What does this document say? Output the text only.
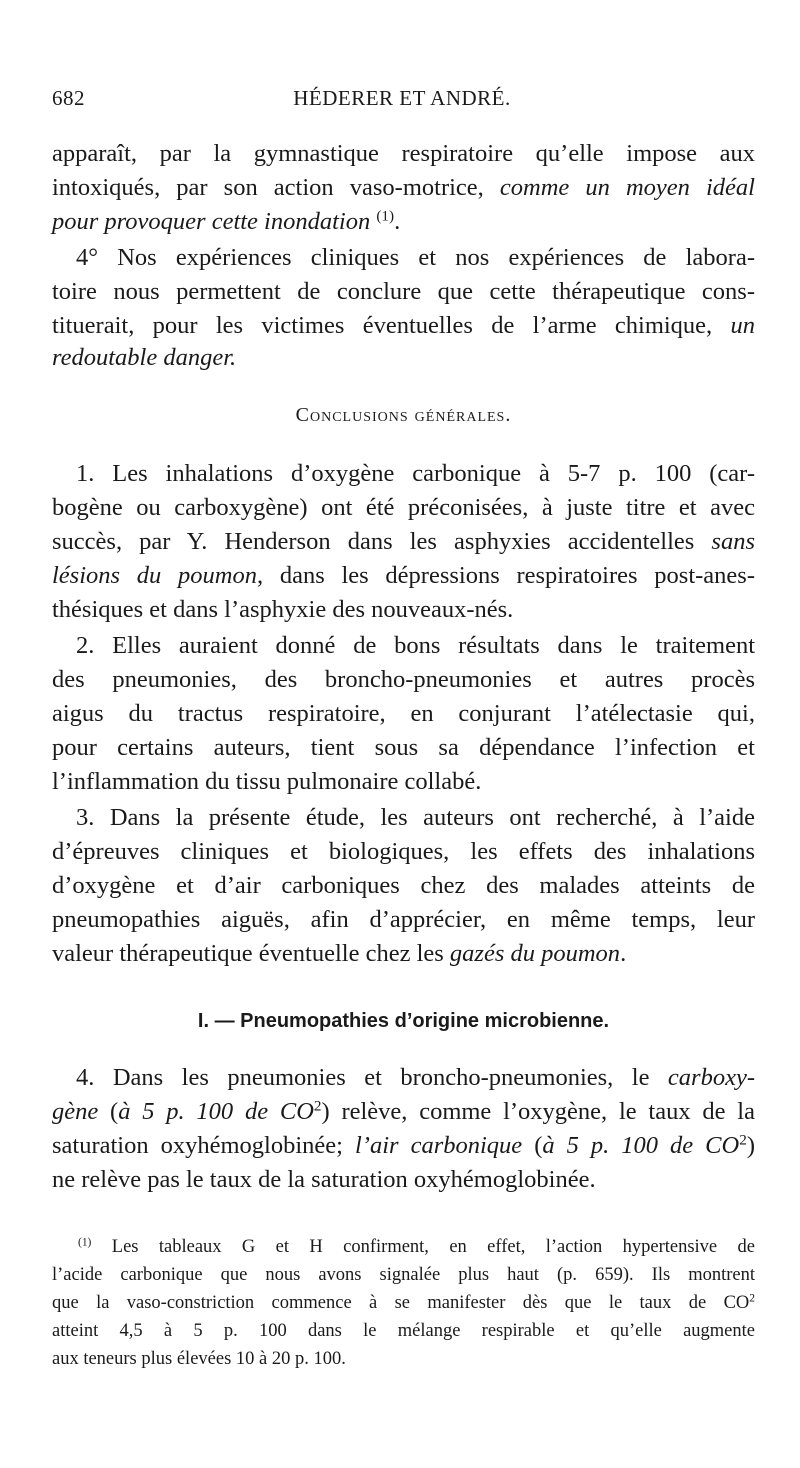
682	HÉDERER ET ANDRÉ.
apparaît, par la gymnastique respiratoire qu’elle impose aux
intoxiqués, par son action vaso-motrice, comme un moyen idéal
pour provoquer cette inondation $^{(1)}$.
4° Nos expériences cliniques et nos expériences de labora-
toire nous permettent de conclure que cette thérapeutique cons-
tituerait, pour les victimes éventuelles de l’arme chimique, un
redoutable danger.
Conclusions générales.
1. Les inhalations d’oxygène carbonique à 5-7 p. 100 (car-
bogène ou carboxygène) ont été préconisées, à juste titre et avec
succès, par Y. Henderson dans les asphyxies accidentelles sans
lésions du poumon, dans les dépressions respiratoires post-anes-
thésiques et dans l’asphyxie des nouveaux-nés.
2. Elles auraient donné de bons résultats dans le traitement
des pneumonies, des broncho-pneumonies et autres procès
aigus du tractus respiratoire, en conjurant l’atélectasie qui,
pour certains auteurs, tient sous sa dépendance l’infection et
l’inflammation du tissu pulmonaire collabé.
3. Dans la présente étude, les auteurs ont recherché, à l’aide
d’épreuves cliniques et biologiques, les effets des inhalations
d’oxygène et d’air carboniques chez des malades atteints de
pneumopathies aiguës, afin d’apprécier, en même temps, leur
valeur thérapeutique éventuelle chez les gazés du poumon.
I. — Pneumopathies d’origine microbienne.
4. Dans les pneumonies et broncho-pneumonies, le carboxy-
gène (à 5 p. 100 de $CO^2$) relève, comme l’oxygène, le taux de la
saturation oxyhémoglobinée; l’air carbonique (à 5 p. 100 de $CO^2$)
ne relève pas le taux de la saturation oxyhémoglobinée.
$^{(1)}$ Les tableaux G et H confirment, en effet, l’action hypertensive de
l’acide carbonique que nous avons signalée plus haut (p. 659). Ils montrent
que la vaso-constriction commence à se manifester dès que le taux de $CO^2$
atteint 4,5 à 5 p. 100 dans le mélange respirable et qu’elle augmente
aux teneurs plus élevées 10 à 20 p. 100.
